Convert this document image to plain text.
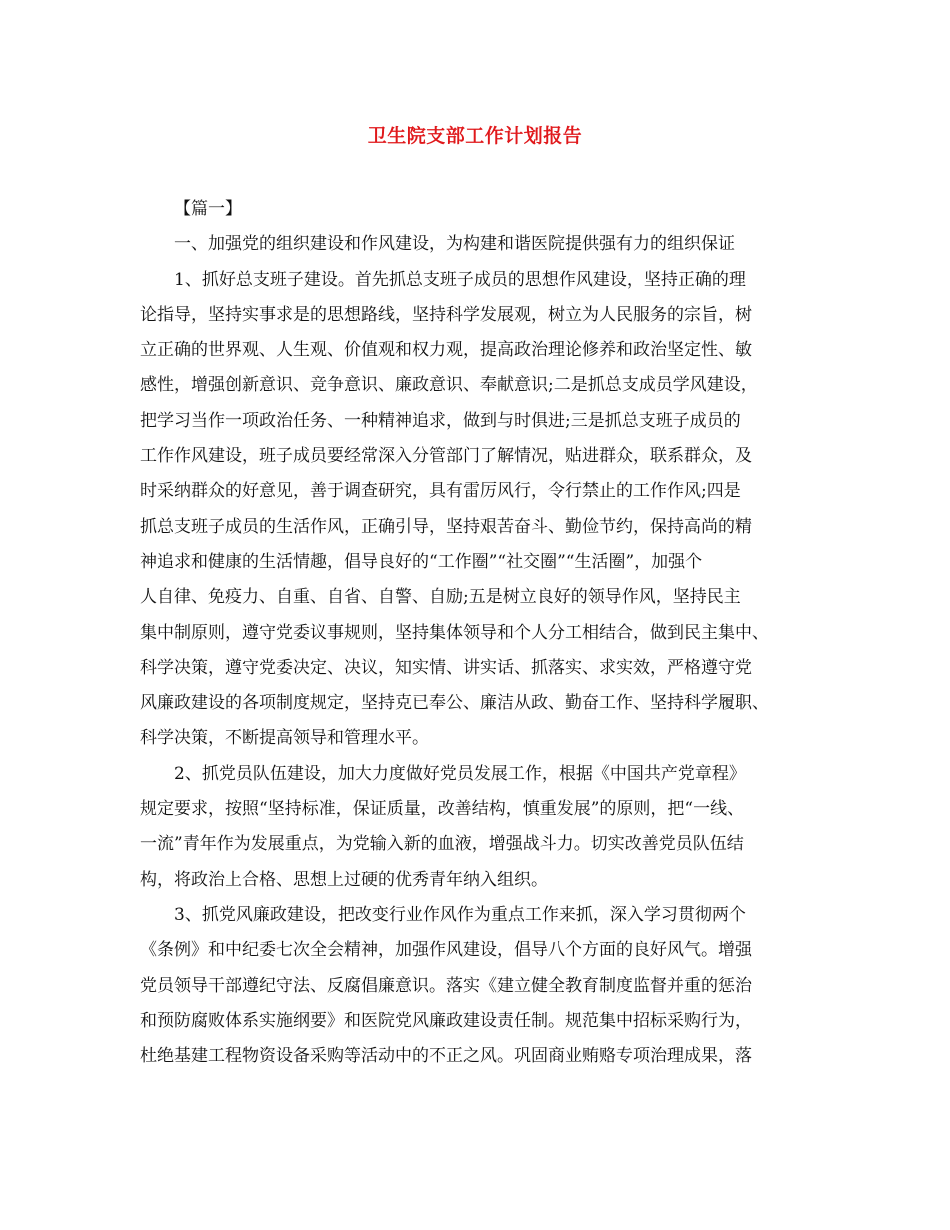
卫生院支部工作计划报告
【篇一】
一、加强党的组织建设和作风建设，为构建和谐医院提供强有力的组织保证
1、抓好总支班子建设。首先抓总支班子成员的思想作风建设，坚持正确的理
论指导，坚持实事求是的思想路线，坚持科学发展观，树立为人民服务的宗旨，树
立正确的世界观、人生观、价值观和权力观，提高政治理论修养和政治坚定性、敏
感性，增强创新意识、竞争意识、廉政意识、奉献意识;二是抓总支成员学风建设，
把学习当作一项政治任务、一种精神追求，做到与时俱进;三是抓总支班子成员的
工作作风建设，班子成员要经常深入分管部门了解情况，贴进群众，联系群众，及
时采纳群众的好意见，善于调查研究，具有雷厉风行，令行禁止的工作作风;四是
抓总支班子成员的生活作风，正确引导，坚持艰苦奋斗、勤俭节约，保持高尚的精
神追求和健康的生活情趣，倡导良好的“工作圈”“社交圈”“生活圈”，加强个
人自律、免疫力、自重、自省、自警、自励;五是树立良好的领导作风，坚持民主
集中制原则，遵守党委议事规则，坚持集体领导和个人分工相结合，做到民主集中、
科学决策，遵守党委决定、决议，知实情、讲实话、抓落实、求实效，严格遵守党
风廉政建设的各项制度规定，坚持克已奉公、廉洁从政、勤奋工作、坚持科学履职、
科学决策，不断提高领导和管理水平。
2、抓党员队伍建设，加大力度做好党员发展工作，根据《中国共产党章程》
规定要求，按照“坚持标准，保证质量，改善结构，慎重发展”的原则，把“一线、
一流”青年作为发展重点，为党输入新的血液，增强战斗力。切实改善党员队伍结
构，将政治上合格、思想上过硬的优秀青年纳入组织。
3、抓党风廉政建设，把改变行业作风作为重点工作来抓，深入学习贯彻两个
《条例》和中纪委七次全会精神，加强作风建设，倡导八个方面的良好风气。增强
党员领导干部遵纪守法、反腐倡廉意识。落实《建立健全教育制度监督并重的惩治
和预防腐败体系实施纲要》和医院党风廉政建设责任制。规范集中招标采购行为，
杜绝基建工程物资设备采购等活动中的不正之风。巩固商业贿赂专项治理成果，落
